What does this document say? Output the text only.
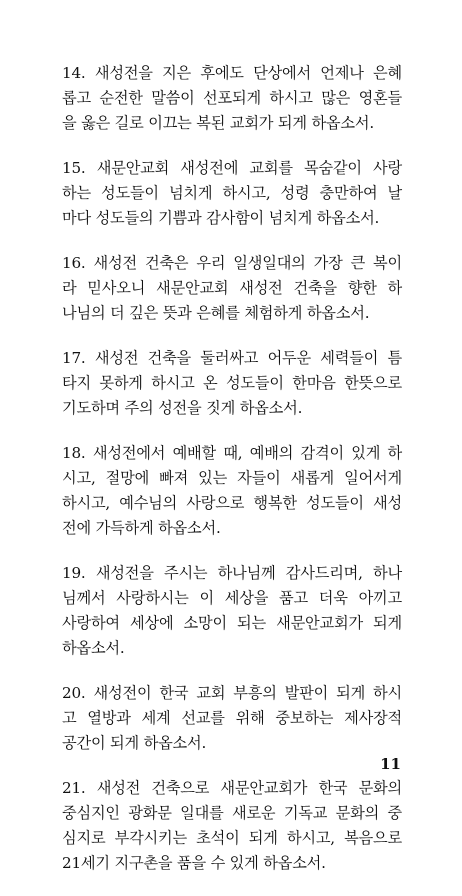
14. 새성전을 지은 후에도 단상에서 언제나 은혜
롭고 순전한 말씀이 선포되게 하시고 많은 영혼들
을 옳은 길로 이끄는 복된 교회가 되게 하옵소서.
15. 새문안교회 새성전에 교회를 목숨같이 사랑
하는 성도들이 넘치게 하시고, 성령 충만하여 날
마다 성도들의 기쁨과 감사함이 넘치게 하옵소서.
16. 새성전 건축은 우리 일생일대의 가장 큰 복이
라 믿사오니 새문안교회 새성전 건축을 향한 하
나님의 더 깊은 뜻과 은혜를 체험하게 하옵소서.
17. 새성전 건축을 둘러싸고 어두운 세력들이 틈
타지 못하게 하시고 온 성도들이 한마음 한뜻으로
기도하며 주의 성전을 짓게 하옵소서.
18. 새성전에서 예배할 때, 예배의 감격이 있게 하
시고, 절망에 빠져 있는 자들이 새롭게 일어서게
하시고, 예수님의 사랑으로 행복한 성도들이 새성
전에 가득하게 하옵소서.
19. 새성전을 주시는 하나님께 감사드리며, 하나
님께서 사랑하시는 이 세상을 품고 더욱 아끼고
사랑하여 세상에 소망이 되는 새문안교회가 되게
하옵소서.
20. 새성전이 한국 교회 부흥의 발판이 되게 하시
고 열방과 세계 선교를 위해 중보하는 제사장적
공간이 되게 하옵소서.
21. 새성전 건축으로 새문안교회가 한국 문화의
중심지인 광화문 일대를 새로운 기독교 문화의 중
심지로 부각시키는 초석이 되게 하시고, 복음으로
21세기 지구촌을 품을 수 있게 하옵소서.
11
